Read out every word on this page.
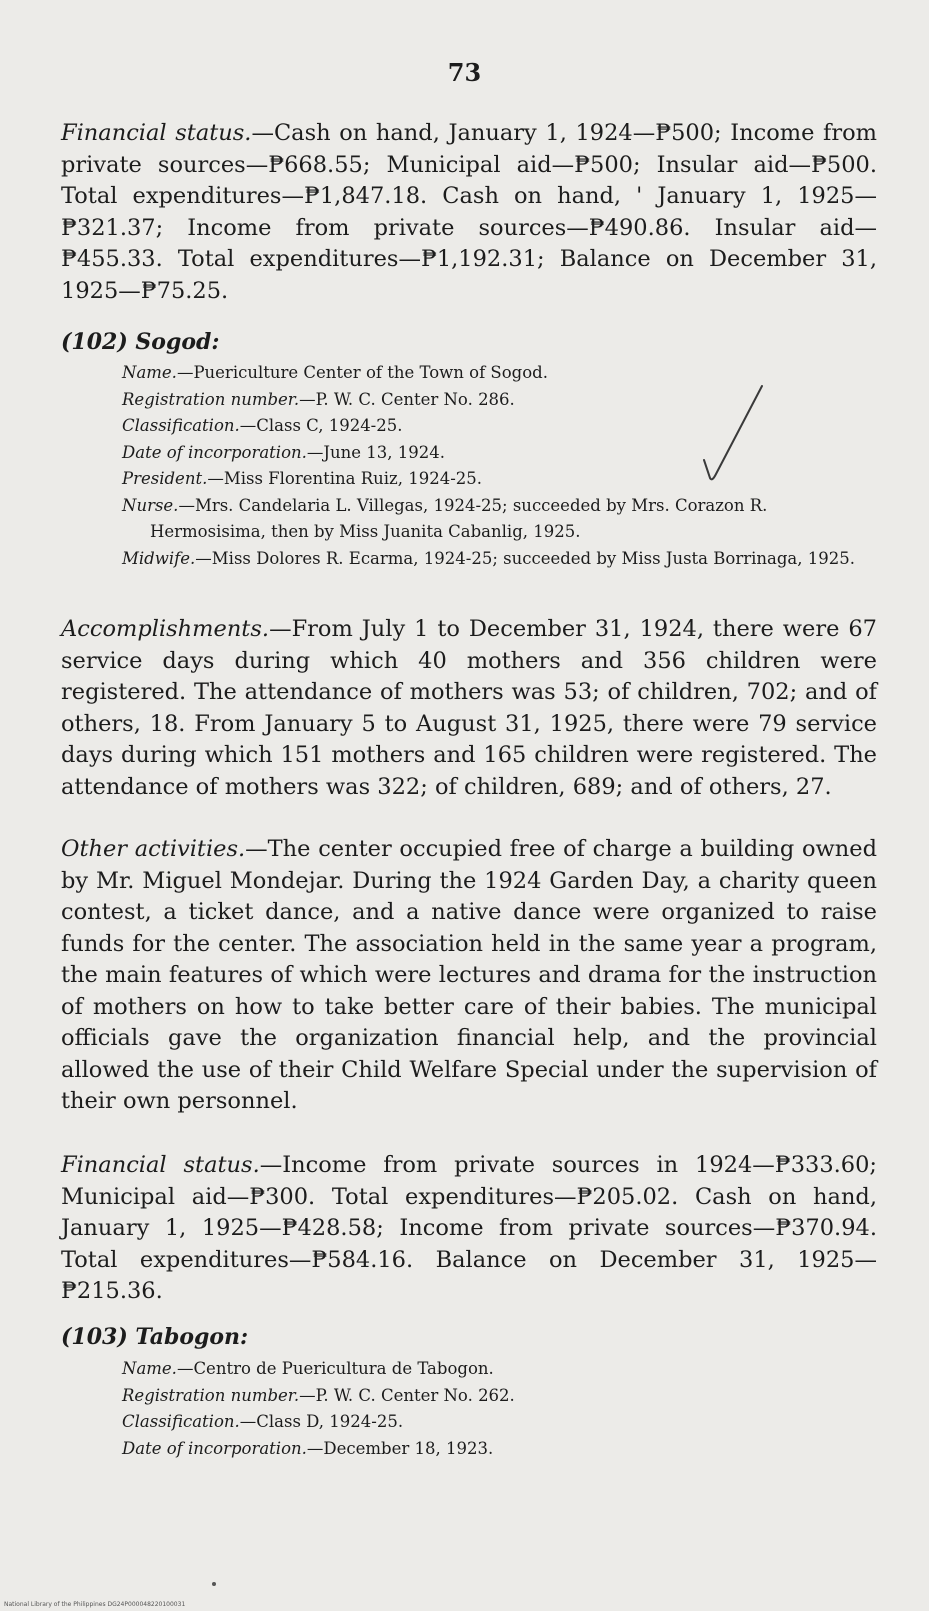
73
Financial status.—Cash on hand, January 1, 1924—₱500; Income from private sources—₱668.55; Municipal aid—₱500; Insular aid—₱500. Total expenditures—₱1,847.18. Cash on hand, ' January 1, 1925—₱321.37; Income from private sources—₱490.86. Insular aid—₱455.33. Total expenditures—₱1,192.31; Balance on December 31, 1925—₱75.25.
(102) Sogod:
Name.—Puericulture Center of the Town of Sogod.
Registration number.—P. W. C. Center No. 286.
Classification.—Class C, 1924-25.
Date of incorporation.—June 13, 1924.
President.—Miss Florentina Ruiz, 1924-25.
Nurse.—Mrs. Candelaria L. Villegas, 1924-25; succeeded by Mrs. Corazon R. Hermosisima, then by Miss Juanita Cabanlig, 1925.
Midwife.—Miss Dolores R. Ecarma, 1924-25; succeeded by Miss Justa Borrinaga, 1925.
Accomplishments.—From July 1 to December 31, 1924, there were 67 service days during which 40 mothers and 356 children were registered. The attendance of mothers was 53; of children, 702; and of others, 18. From January 5 to August 31, 1925, there were 79 service days during which 151 mothers and 165 children were registered. The attendance of mothers was 322; of children, 689; and of others, 27.
Other activities.—The center occupied free of charge a building owned by Mr. Miguel Mondejar. During the 1924 Garden Day, a charity queen contest, a ticket dance, and a native dance were organized to raise funds for the center. The association held in the same year a program, the main features of which were lectures and drama for the instruction of mothers on how to take better care of their babies. The municipal officials gave the organization financial help, and the provincial allowed the use of their Child Welfare Special under the supervision of their own personnel.
Financial status.—Income from private sources in 1924—₱333.60; Municipal aid—₱300. Total expenditures—₱205.02. Cash on hand, January 1, 1925—₱428.58; Income from private sources—₱370.94. Total expenditures—₱584.16. Balance on December 31, 1925—₱215.36.
(103) Tabogon:
Name.—Centro de Puericultura de Tabogon.
Registration number.—P. W. C. Center No. 262.
Classification.—Class D, 1924-25.
Date of incorporation.—December 18, 1923.
National Library of the Philippines DG24P000048220100031
